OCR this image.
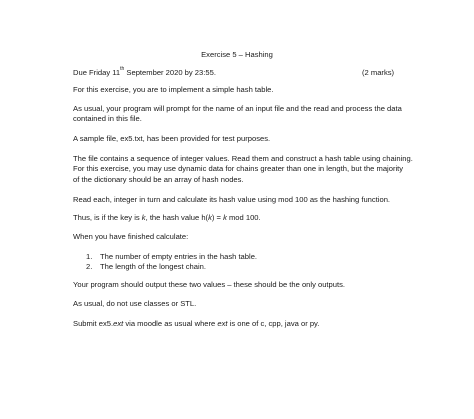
Exercise 5 – Hashing
Due Friday 11th September 2020 by 23:55.	(2 marks)

For this exercise, you are to implement a simple hash table.

As usual, your program will prompt for the name of an input file and the read and process the data
contained in this file.

A sample file, ex5.txt, has been provided for test purposes.

The file contains a sequence of integer values. Read them and construct a hash table using chaining.
For this exercise, you may use dynamic data for chains greater than one in length, but the majority
of the dictionary should be an array of hash nodes.

Read each, integer in turn and calculate its hash value using mod 100 as the hashing function.

Thus, is if the key is k, the hash value h(k) = k mod 100.

When you have finished calculate:

1. The number of empty entries in the hash table.
2. The length of the longest chain.

Your program should output these two values – these should be the only outputs.

As usual, do not use classes or STL.

Submit ex5.ext via moodle as usual where ext is one of c, cpp, java or py.
